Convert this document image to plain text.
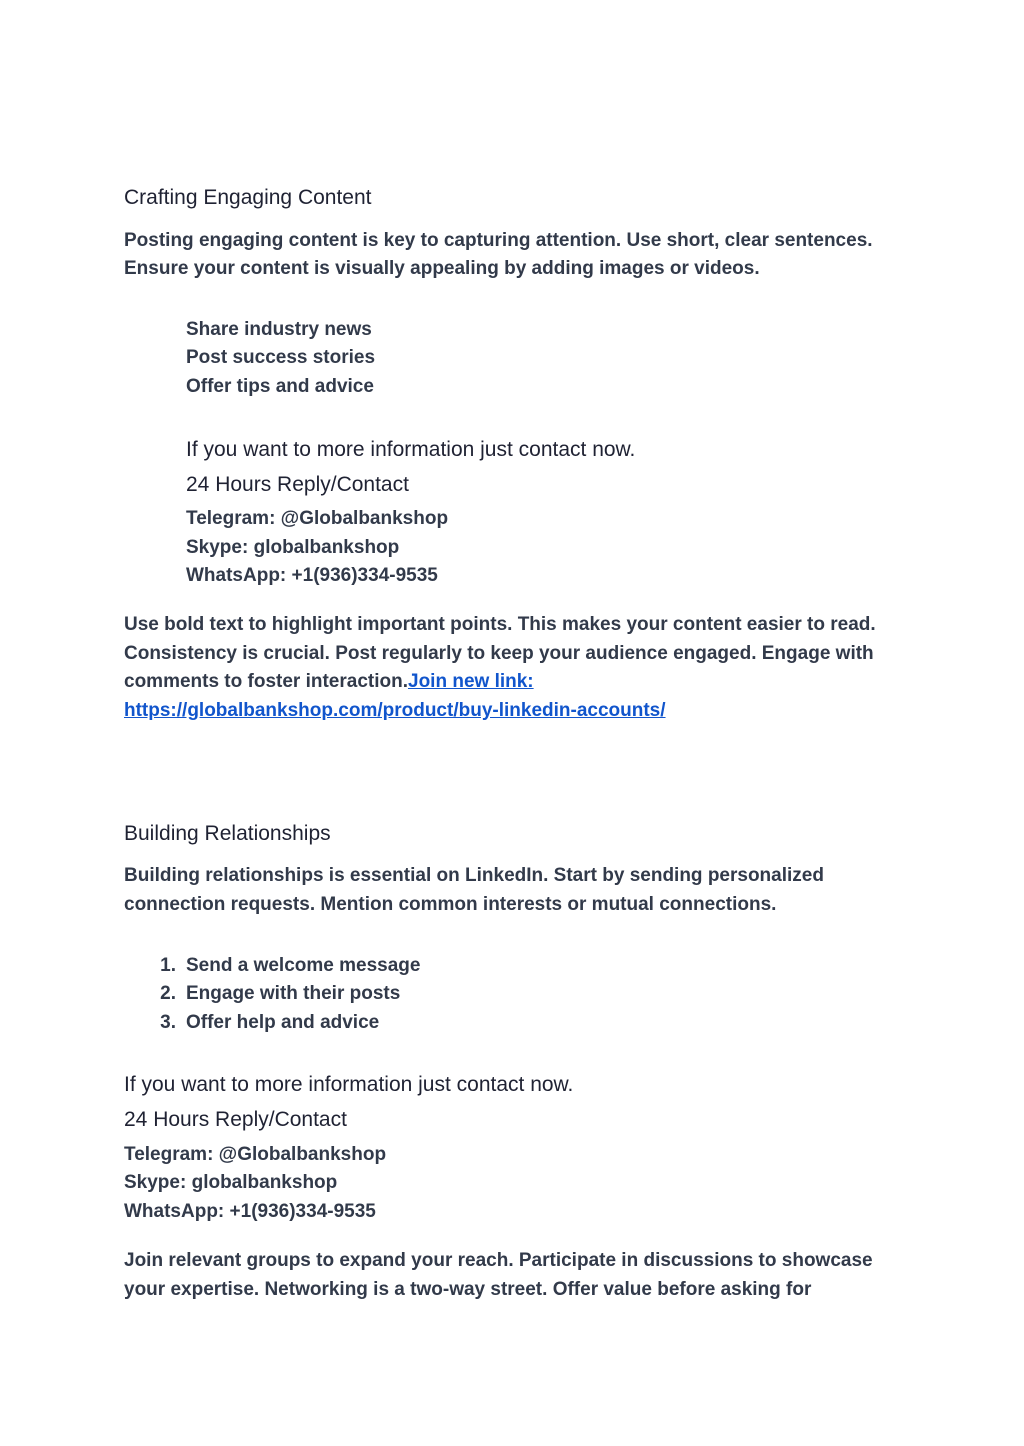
Crafting Engaging Content
Posting engaging content is key to capturing attention. Use short, clear sentences.
Ensure your content is visually appealing by adding images or videos.
Share industry news
Post success stories
Offer tips and advice
If you want to more information just contact now.
24 Hours Reply/Contact
Telegram: @Globalbankshop
Skype: globalbankshop
WhatsApp: +1(936)334-9535
Use bold text to highlight important points. This makes your content easier to read.
Consistency is crucial. Post regularly to keep your audience engaged. Engage with
comments to foster interaction.Join new link:
https://globalbankshop.com/product/buy-linkedin-accounts/
Building Relationships
Building relationships is essential on LinkedIn. Start by sending personalized
connection requests. Mention common interests or mutual connections.
1. Send a welcome message
2. Engage with their posts
3. Offer help and advice
If you want to more information just contact now.
24 Hours Reply/Contact
Telegram: @Globalbankshop
Skype: globalbankshop
WhatsApp: +1(936)334-9535
Join relevant groups to expand your reach. Participate in discussions to showcase
your expertise. Networking is a two-way street. Offer value before asking for
